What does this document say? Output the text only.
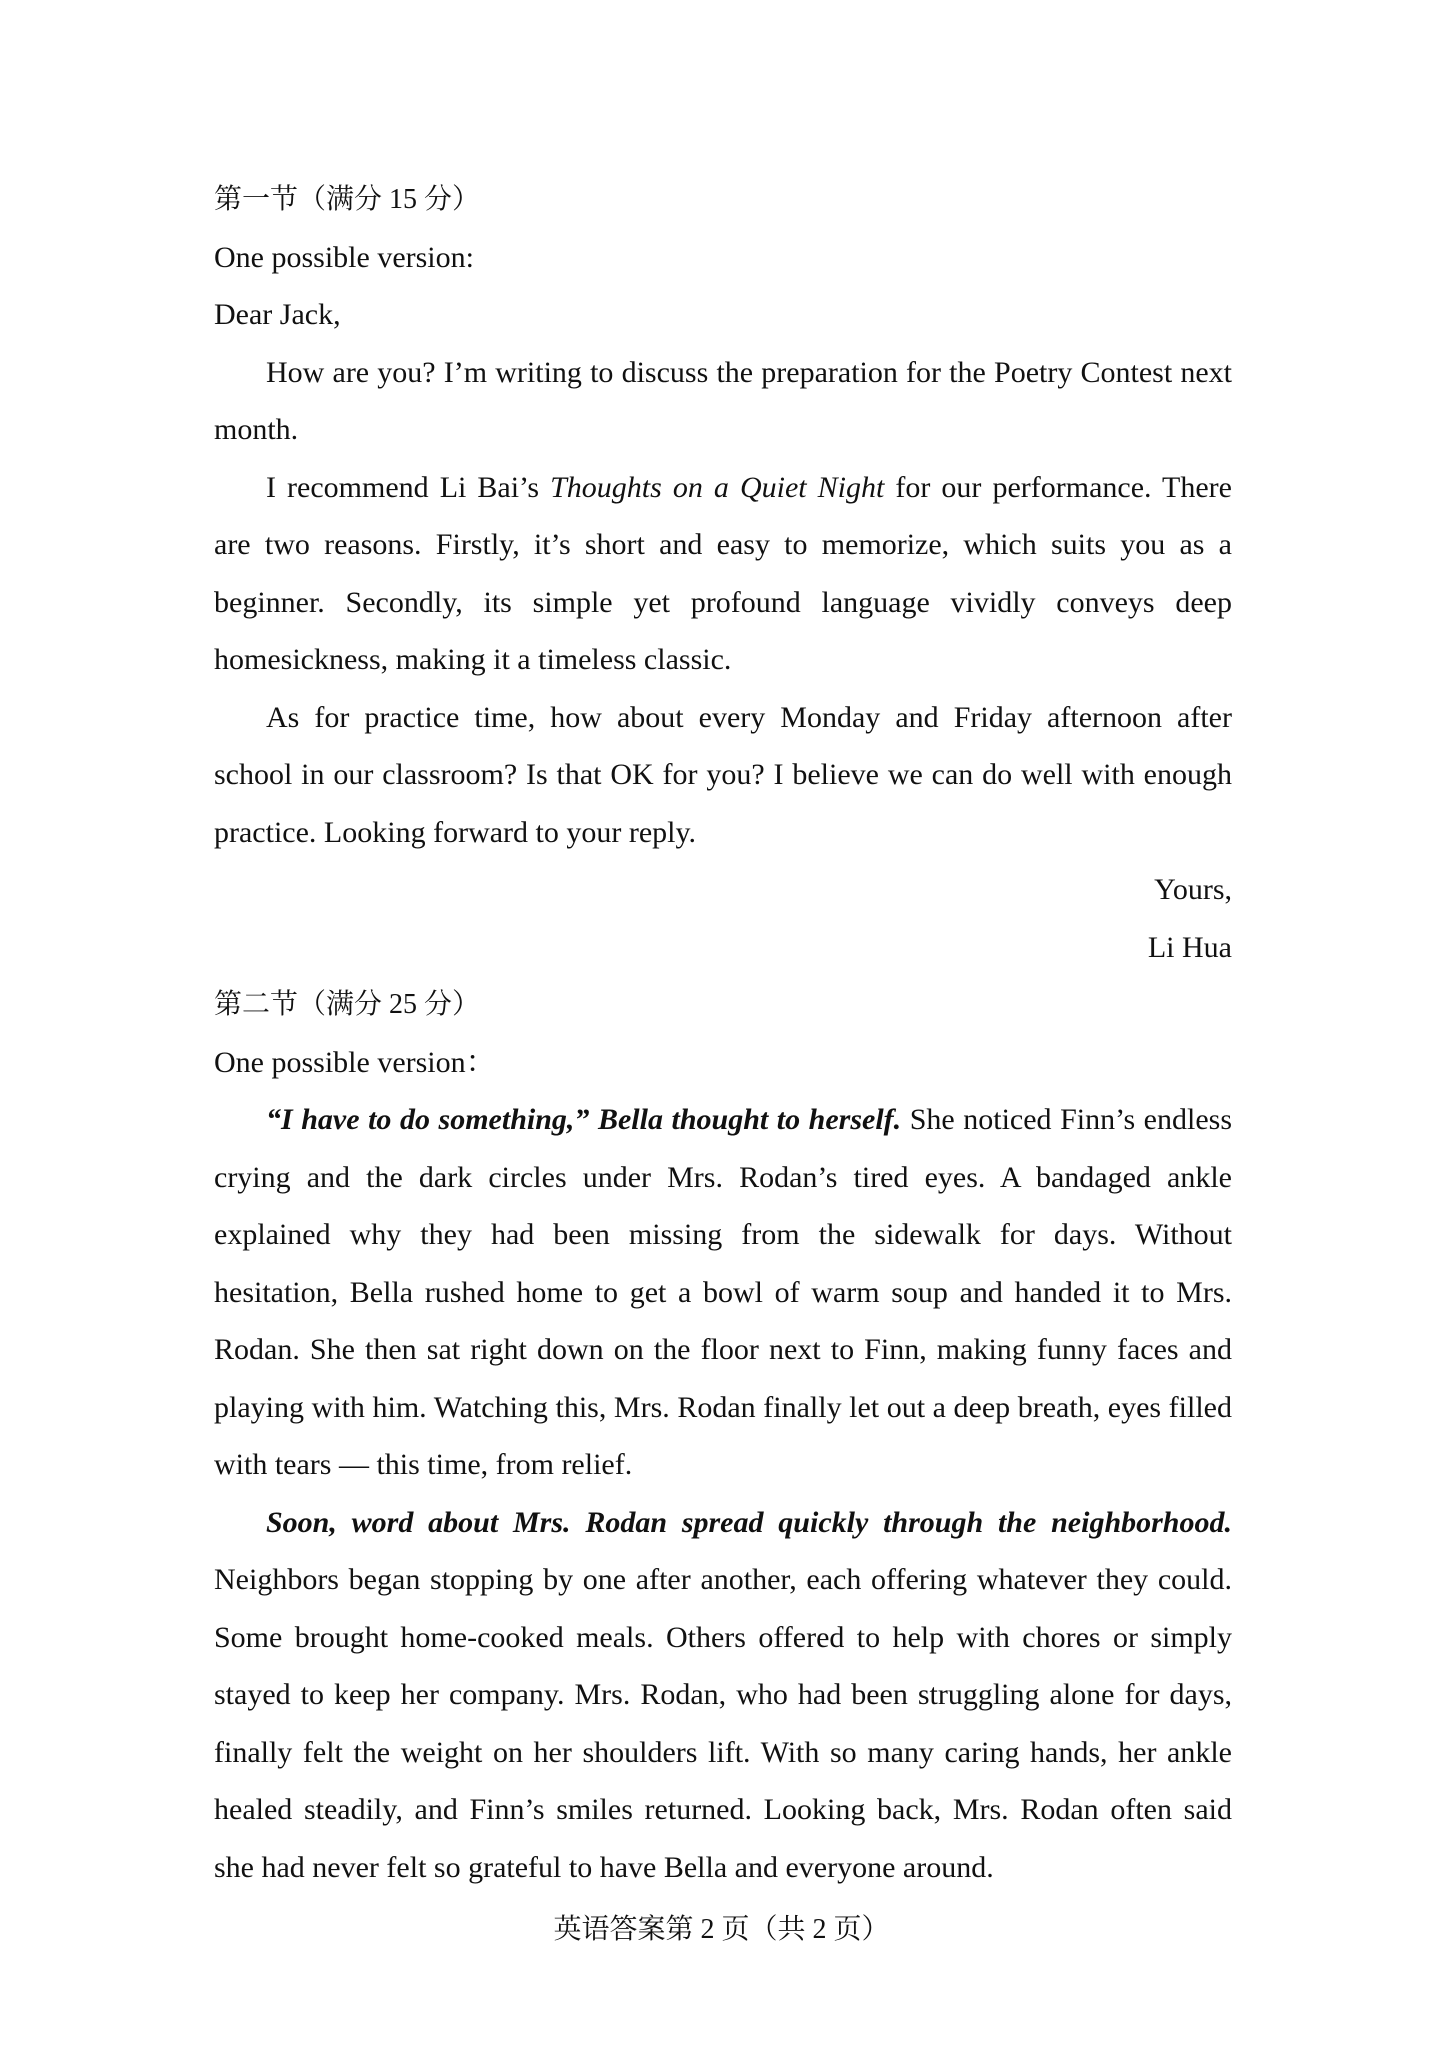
第一节（满分 15 分）

One possible version:

Dear Jack,

How are you? I’m writing to discuss the preparation for the Poetry Contest next month.

I recommend Li Bai’s Thoughts on a Quiet Night for our performance. There are two reasons. Firstly, it’s short and easy to memorize, which suits you as a beginner. Secondly, its simple yet profound language vividly conveys deep homesickness, making it a timeless classic.

As for practice time, how about every Monday and Friday afternoon after school in our classroom? Is that OK for you? I believe we can do well with enough practice. Looking forward to your reply.

Yours,

Li Hua

第二节（满分 25 分）

One possible version：

“I have to do something,” Bella thought to herself. She noticed Finn’s endless crying and the dark circles under Mrs. Rodan’s tired eyes. A bandaged ankle explained why they had been missing from the sidewalk for days. Without hesitation, Bella rushed home to get a bowl of warm soup and handed it to Mrs. Rodan. She then sat right down on the floor next to Finn, making funny faces and playing with him. Watching this, Mrs. Rodan finally let out a deep breath, eyes filled with tears — this time, from relief.

Soon, word about Mrs. Rodan spread quickly through the neighborhood. Neighbors began stopping by one after another, each offering whatever they could. Some brought home-cooked meals. Others offered to help with chores or simply stayed to keep her company. Mrs. Rodan, who had been struggling alone for days, finally felt the weight on her shoulders lift. With so many caring hands, her ankle healed steadily, and Finn’s smiles returned. Looking back, Mrs. Rodan often said she had never felt so grateful to have Bella and everyone around.

英语答案第 2 页（共 2 页）
